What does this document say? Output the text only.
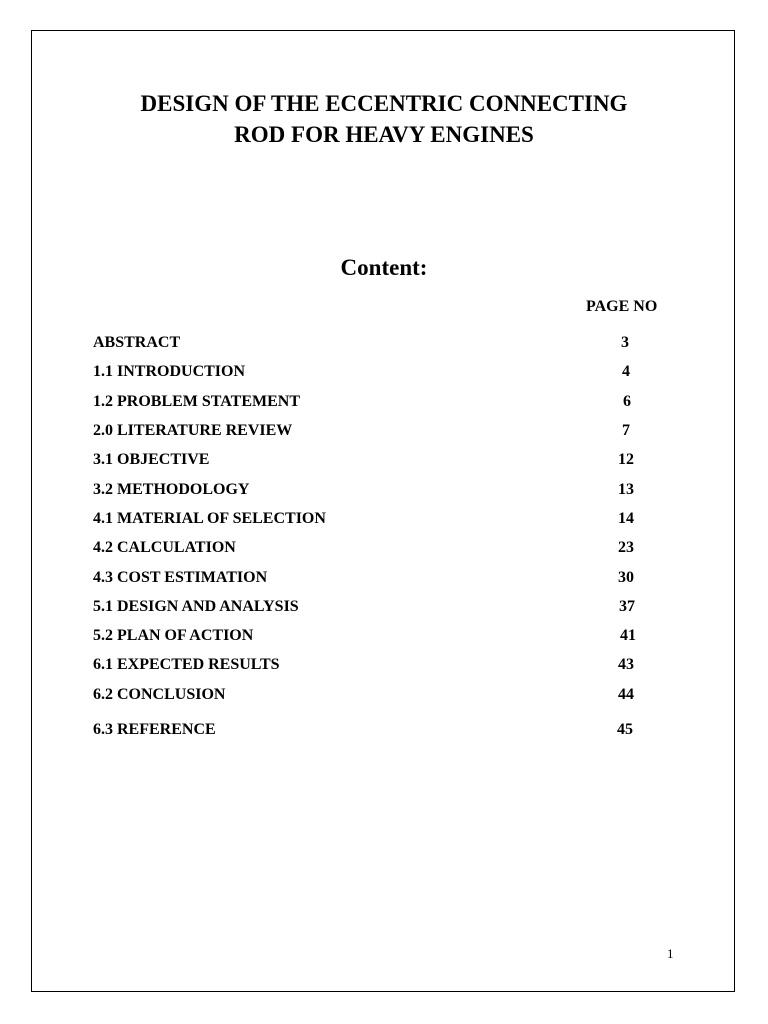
DESIGN OF THE ECCENTRIC CONNECTING
ROD FOR HEAVY ENGINES
Content:
PAGE NO
ABSTRACT	3
1.1 INTRODUCTION	4
1.2 PROBLEM STATEMENT	6
2.0 LITERATURE REVIEW	7
3.1 OBJECTIVE	12
3.2 METHODOLOGY	13
4.1 MATERIAL OF SELECTION	14
4.2 CALCULATION	23
4.3 COST ESTIMATION	30
5.1 DESIGN AND ANALYSIS	37
5.2 PLAN OF ACTION	41
6.1 EXPECTED RESULTS	43
6.2 CONCLUSION	44
6.3 REFERENCE	45
1
